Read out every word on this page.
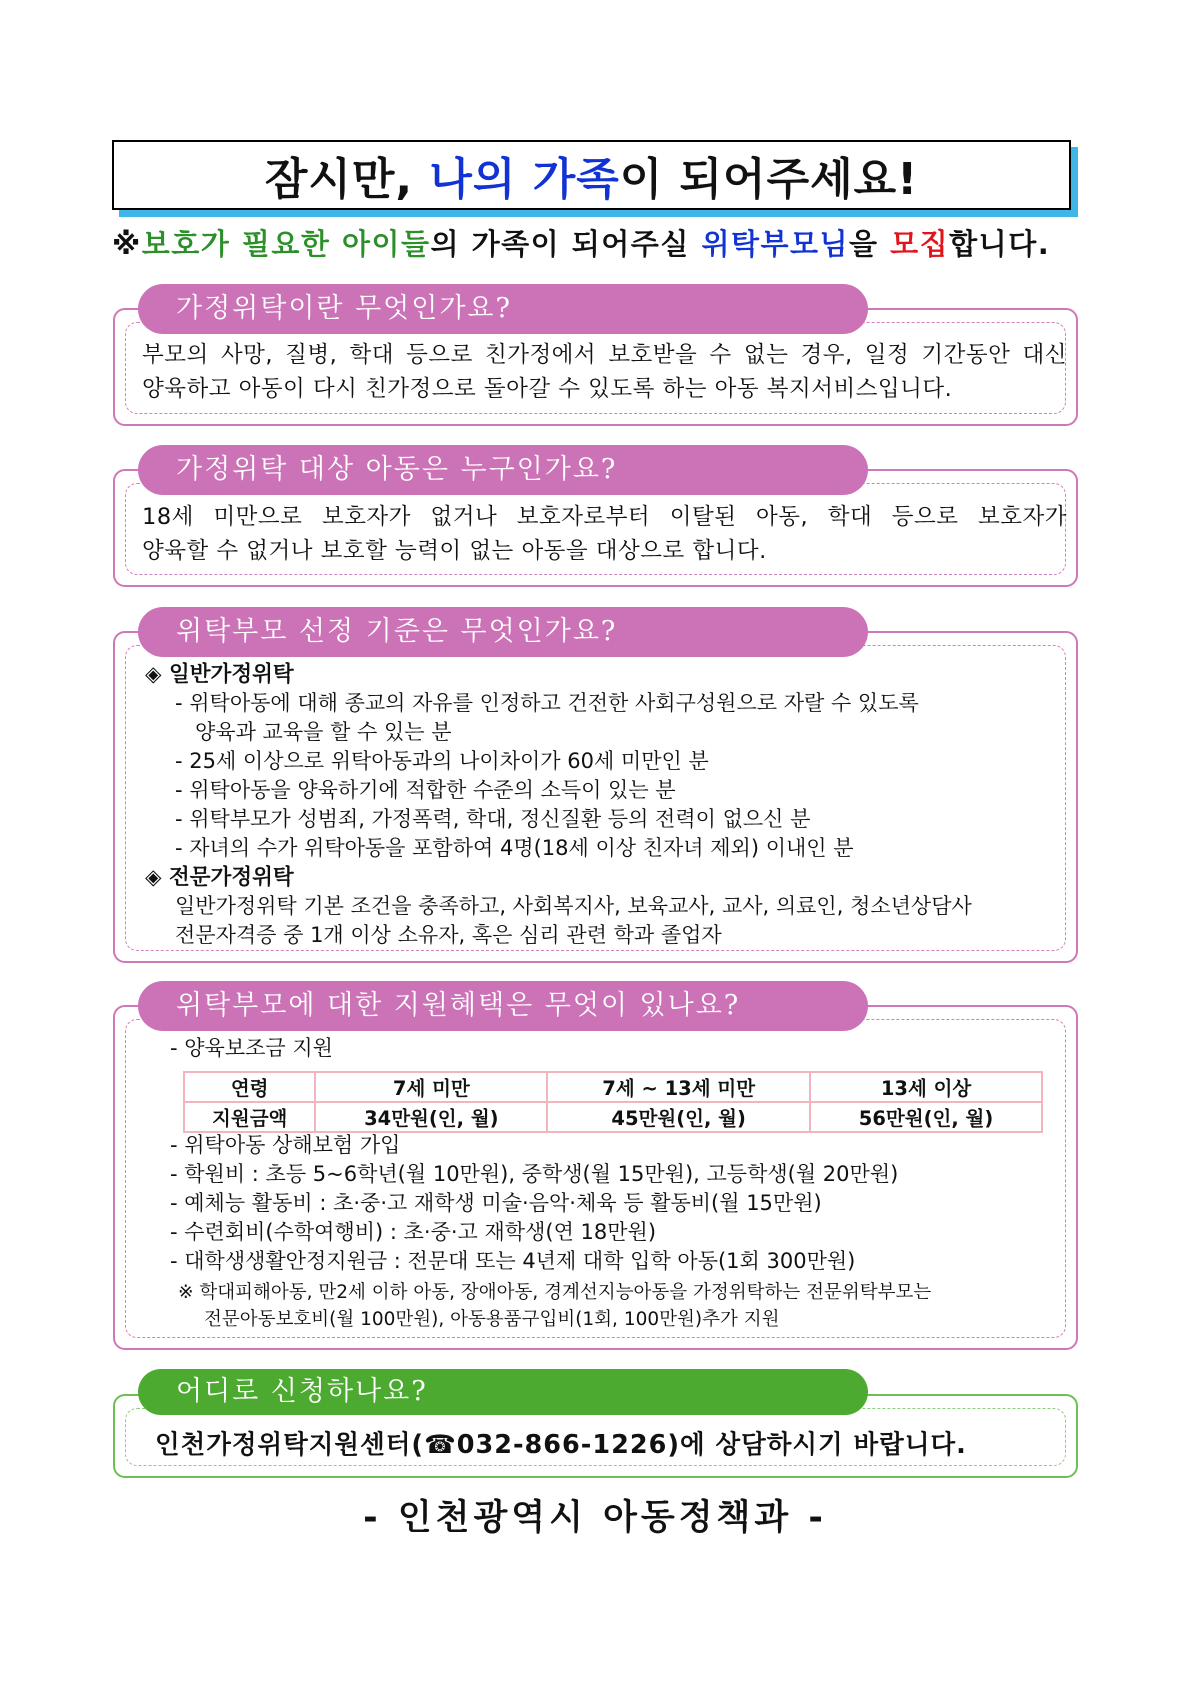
잠시만, 나의 가족이 되어주세요!
※보호가 필요한 아이들의 가족이 되어주실 위탁부모님을 모집합니다.
가정위탁이란 무엇인가요?
부모의 사망, 질병, 학대 등으로 친가정에서 보호받을 수 없는 경우, 일정 기간동안 대신
양육하고 아동이 다시 친가정으로 돌아갈 수 있도록 하는 아동 복지서비스입니다.
가정위탁 대상 아동은 누구인가요?
18세 미만으로 보호자가 없거나 보호자로부터 이탈된 아동, 학대 등으로 보호자가
양육할 수 없거나 보호할 능력이 없는 아동을 대상으로 합니다.
위탁부모 선정 기준은 무엇인가요?
◈ 일반가정위탁
- 위탁아동에 대해 종교의 자유를 인정하고 건전한 사회구성원으로 자랄 수 있도록
양육과 교육을 할 수 있는 분
- 25세 이상으로 위탁아동과의 나이차이가 60세 미만인 분
- 위탁아동을 양육하기에 적합한 수준의 소득이 있는 분
- 위탁부모가 성범죄, 가정폭력, 학대, 정신질환 등의 전력이 없으신 분
- 자녀의 수가 위탁아동을 포함하여 4명(18세 이상 친자녀 제외) 이내인 분
◈ 전문가정위탁
일반가정위탁 기본 조건을 충족하고, 사회복지사, 보육교사, 교사, 의료인, 청소년상담사
전문자격증 중 1개 이상 소유자, 혹은 심리 관련 학과 졸업자
위탁부모에 대한 지원혜택은 무엇이 있나요?
- 양육보조금 지원
연령	7세 미만	7세 ~ 13세 미만	13세 이상
지원금액	34만원(인, 월)	45만원(인, 월)	56만원(인, 월)
- 위탁아동 상해보험 가입
- 학원비 : 초등 5~6학년(월 10만원), 중학생(월 15만원), 고등학생(월 20만원)
- 예체능 활동비 : 초·중·고 재학생 미술·음악·체육 등 활동비(월 15만원)
- 수련회비(수학여행비) : 초·중·고 재학생(연 18만원)
- 대학생생활안정지원금 : 전문대 또는 4년제 대학 입학 아동(1회 300만원)
※ 학대피해아동, 만2세 이하 아동, 장애아동, 경계선지능아동을 가정위탁하는 전문위탁부모는
전문아동보호비(월 100만원), 아동용품구입비(1회, 100만원)추가 지원
어디로 신청하나요?
인천가정위탁지원센터(☎032-866-1226)에 상담하시기 바랍니다.
- 인천광역시 아동정책과 -
